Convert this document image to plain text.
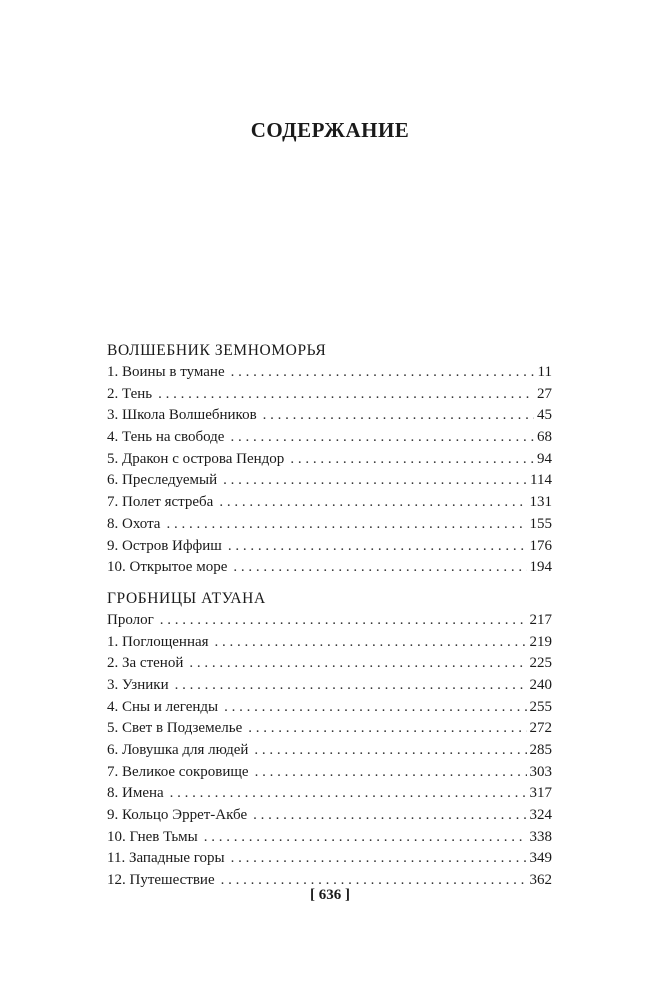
СОДЕРЖАНИЕ
ВОЛШЕБНИК ЗЕМНОМОРЬЯ
1. Воины в тумане . . .	11
2. Тень . . .	27
3. Школа Волшебников . . .	45
4. Тень на свободе . . .	68
5. Дракон с острова Пендор . . .	94
6. Преследуемый . . .	114
7. Полет ястреба . . .	131
8. Охота . . .	155
9. Остров Иффиш . . .	176
10. Открытое море . . .	194
ГРОБНИЦЫ АТУАНА
Пролог . . .	217
1. Поглощенная . . .	219
2. За стеной . . .	225
3. Узники . . .	240
4. Сны и легенды . . .	255
5. Свет в Подземелье . . .	272
6. Ловушка для людей . . .	285
7. Великое сокровище . . .	303
8. Имена . . .	317
9. Кольцо Эррет-Акбе . . .	324
10. Гнев Тьмы . . .	338
11. Западные горы . . .	349
12. Путешествие . . .	362
[ 636 ]
